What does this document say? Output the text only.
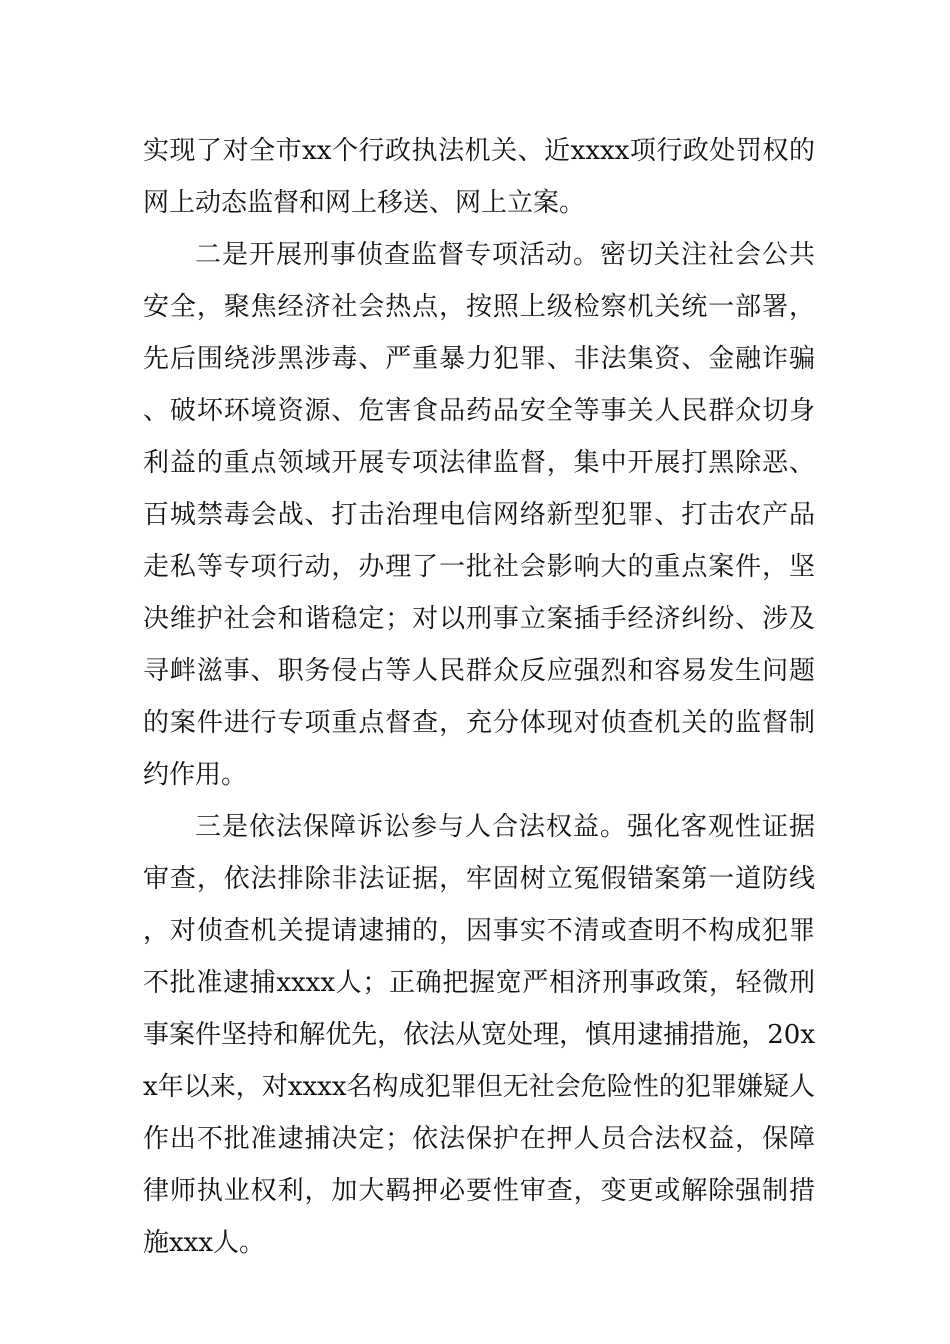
实现了对全市xx个行政执法机关、近xxxx项行政处罚权的网上动态监督和网上移送、网上立案。

二是开展刑事侦查监督专项活动。密切关注社会公共安全，聚焦经济社会热点，按照上级检察机关统一部署，先后围绕涉黑涉毒、严重暴力犯罪、非法集资、金融诈骗、破坏环境资源、危害食品药品安全等事关人民群众切身利益的重点领域开展专项法律监督，集中开展打黑除恶、百城禁毒会战、打击治理电信网络新型犯罪、打击农产品走私等专项行动，办理了一批社会影响大的重点案件，坚决维护社会和谐稳定；对以刑事立案插手经济纠纷、涉及寻衅滋事、职务侵占等人民群众反应强烈和容易发生问题的案件进行专项重点督查，充分体现对侦查机关的监督制约作用。

三是依法保障诉讼参与人合法权益。强化客观性证据审查，依法排除非法证据，牢固树立冤假错案第一道防线，对侦查机关提请逮捕的，因事实不清或查明不构成犯罪不批准逮捕xxxx人；正确把握宽严相济刑事政策，轻微刑事案件坚持和解优先，依法从宽处理，慎用逮捕措施，20xx年以来，对xxxx名构成犯罪但无社会危险性的犯罪嫌疑人作出不批准逮捕决定；依法保护在押人员合法权益，保障律师执业权利，加大羁押必要性审查，变更或解除强制措施xxx人。
